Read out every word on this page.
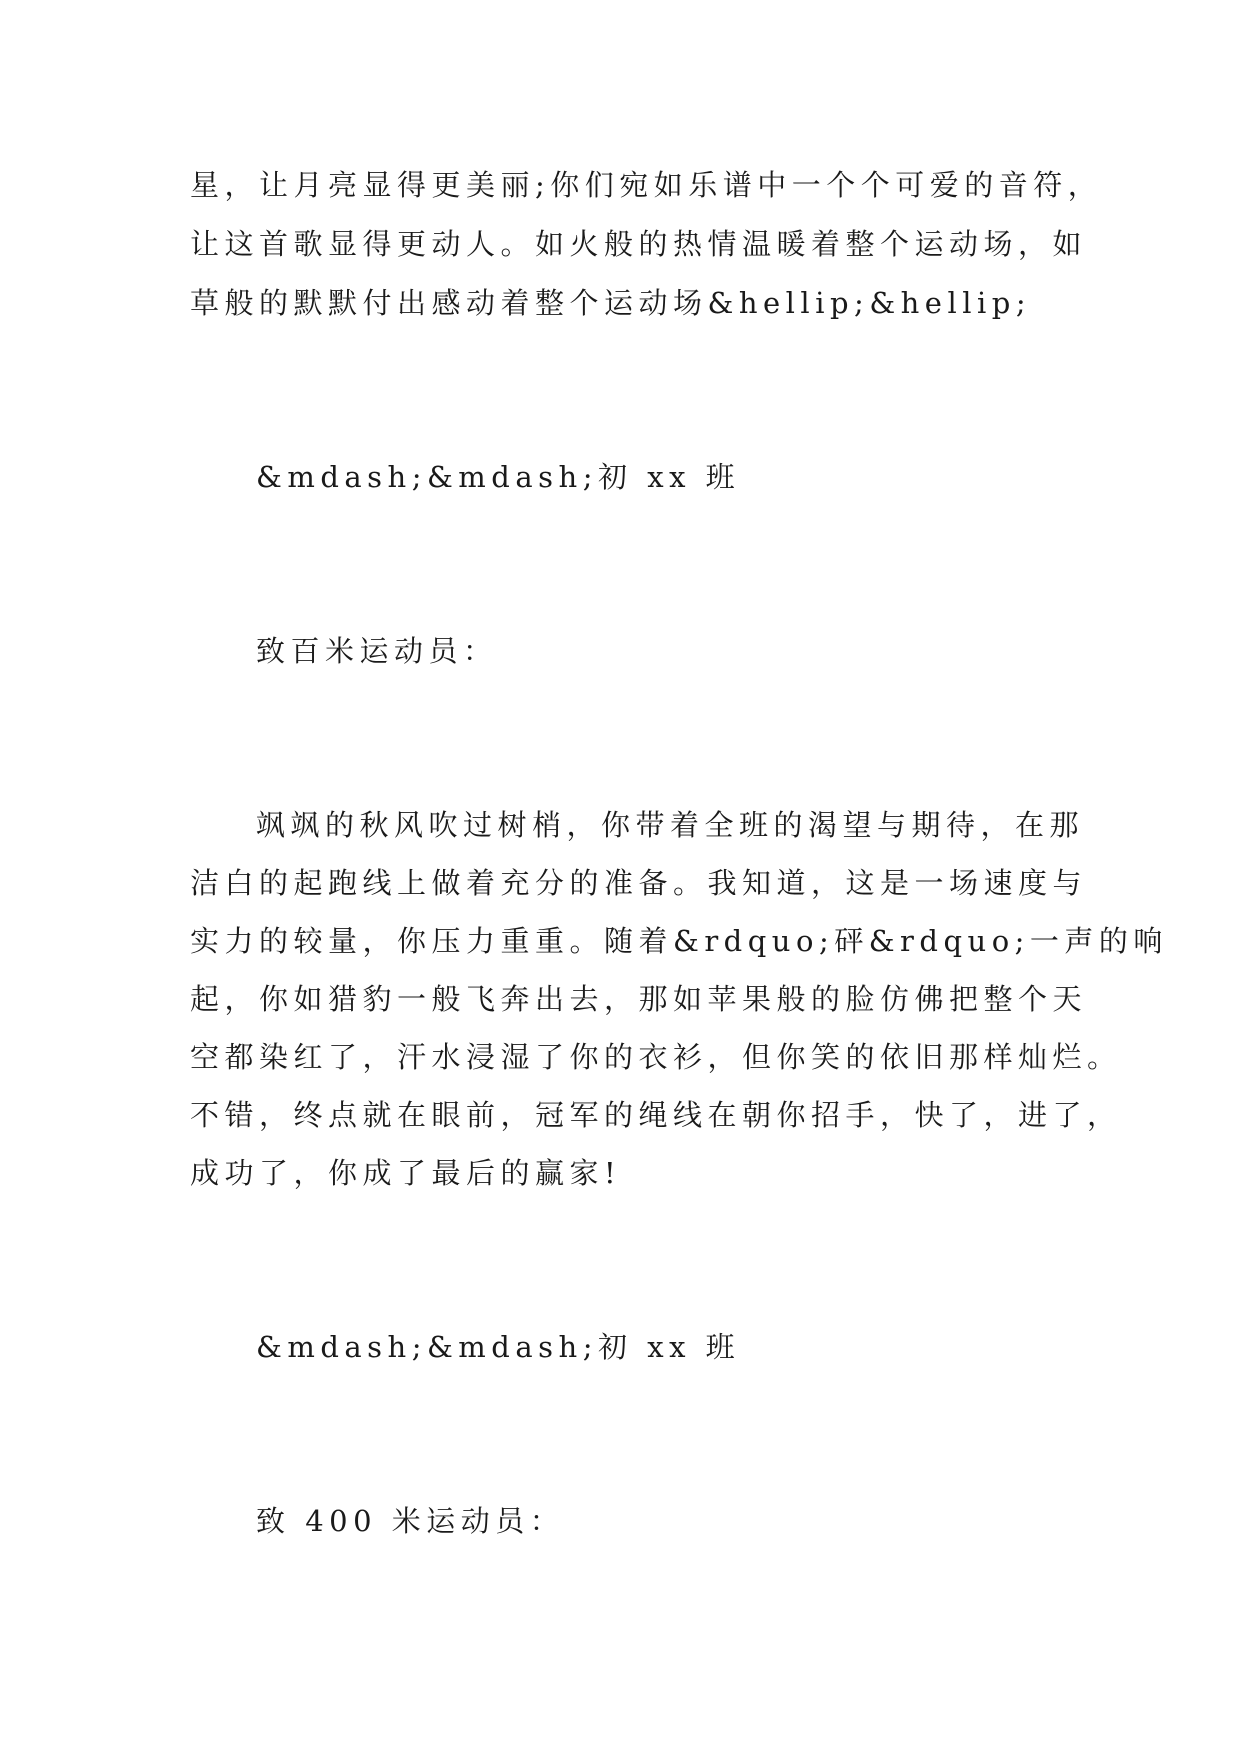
星，让月亮显得更美丽;你们宛如乐谱中一个个可爱的音符，
让这首歌显得更动人。如火般的热情温暖着整个运动场，如
草般的默默付出感动着整个运动场&hellip;&hellip;
&mdash;&mdash;初 xx 班
致百米运动员：
飒飒的秋风吹过树梢，你带着全班的渴望与期待，在那
洁白的起跑线上做着充分的准备。我知道，这是一场速度与
实力的较量，你压力重重。随着&rdquo;砰&rdquo;一声的响
起，你如猎豹一般飞奔出去，那如苹果般的脸仿佛把整个天
空都染红了，汗水浸湿了你的衣衫，但你笑的依旧那样灿烂。
不错，终点就在眼前，冠军的绳线在朝你招手，快了，进了，
成功了，你成了最后的赢家!
&mdash;&mdash;初 xx 班
致 400 米运动员：
